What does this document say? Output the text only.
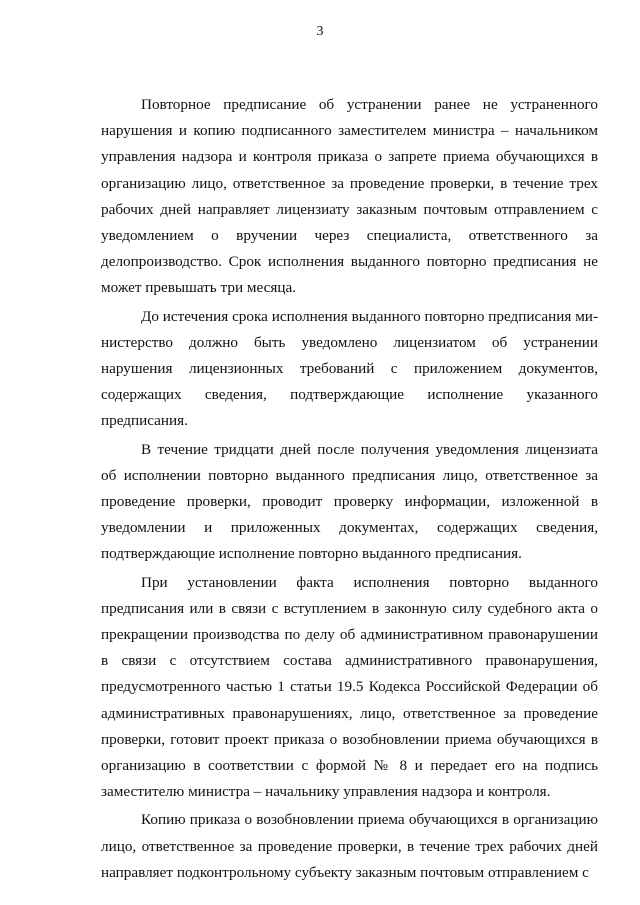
3

Повторное предписание об устранении ранее не устраненного нарушения и копию подписанного заместителем министра – начальником управления надзора и контроля приказа о запрете приема обучающихся в организацию лицо, ответственное за проведение проверки, в течение трех рабочих дней направляет лицензиату заказным почтовым отправлением с уведомлением о вручении через специалиста, ответственного за делопроизводство. Срок исполнения выданного повторно предписания не может превышать три месяца.

До истечения срока исполнения выданного повторно предписания министерство должно быть уведомлено лицензиатом об устранении нарушения лицензионных требований с приложением документов, содержащих сведения, подтверждающие исполнение указанного предписания.

В течение тридцати дней после получения уведомления лицензиата об исполнении повторно выданного предписания лицо, ответственное за проведение проверки, проводит проверку информации, изложенной в уведомлении и приложенных документах, содержащих сведения, подтверждающие исполнение повторно выданного предписания.

При установлении факта исполнения повторно выданного предписания или в связи с вступлением в законную силу судебного акта о прекращении производства по делу об административном правонарушении в связи с отсутствием состава административного правонарушения, предусмотренного частью 1 статьи 19.5 Кодекса Российской Федерации об административных правонарушениях, лицо, ответственное за проведение проверки, готовит проект приказа о возобновлении приема обучающихся в организацию в соответствии с формой № 8 и передает его на подпись заместителю министра – начальнику управления надзора и контроля.

Копию приказа о возобновлении приема обучающихся в организацию лицо, ответственное за проведение проверки, в течение трех рабочих дней направляет подконтрольному субъекту заказным почтовым отправлением с
